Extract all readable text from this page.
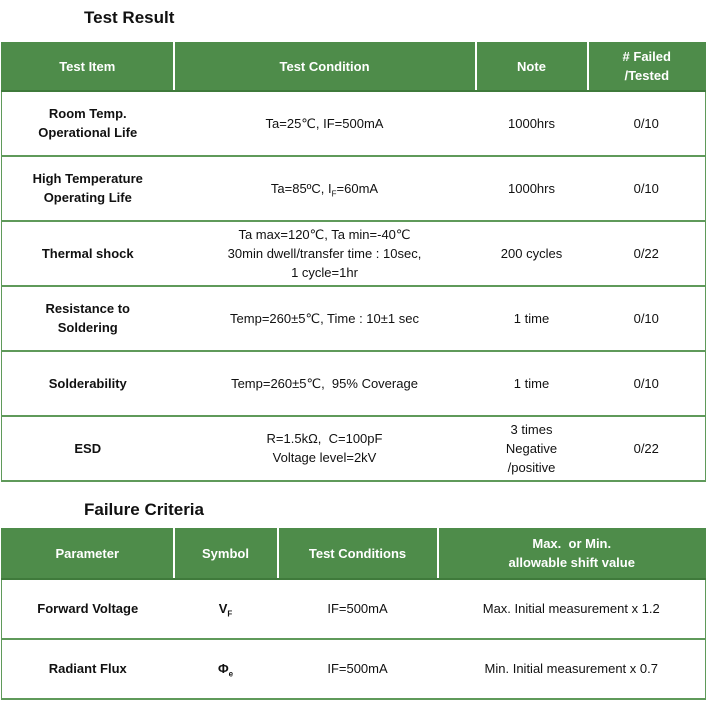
Test Result
Test Item	Test Condition	Note	# Failed
/Tested

Room Temp.
Operational Life	Ta=25℃, IF=500mA	1000hrs	0/10

High Temperature
Operating Life	Ta=85ºC, $I_F=60mA$	1000hrs	0/10
Thermal shock	Ta max=120℃, Ta min=-40℃
30min dwell/transfer time : 10sec,
1 cycle=1hr	200 cycles	0/22

Resistance to
Soldering	Temp=260±5℃, Time : 10±1 sec	1 time	0/10
Solderability	Temp=260±5℃,  95% Coverage	1 time	0/10
ESD	R=1.5kΩ,  C=100pF
Voltage level=2kV	3 times
Negative
/positive	0/22
Failure Criteria
Parameter	Symbol	Test Conditions	Max.  or Min.
allowable shift value

Forward Voltage	$V_F$	IF=500mA	Max. Initial measurement x 1.2
Radiant Flux	$\Phi_e$	IF=500mA	Min. Initial measurement x 0.7
